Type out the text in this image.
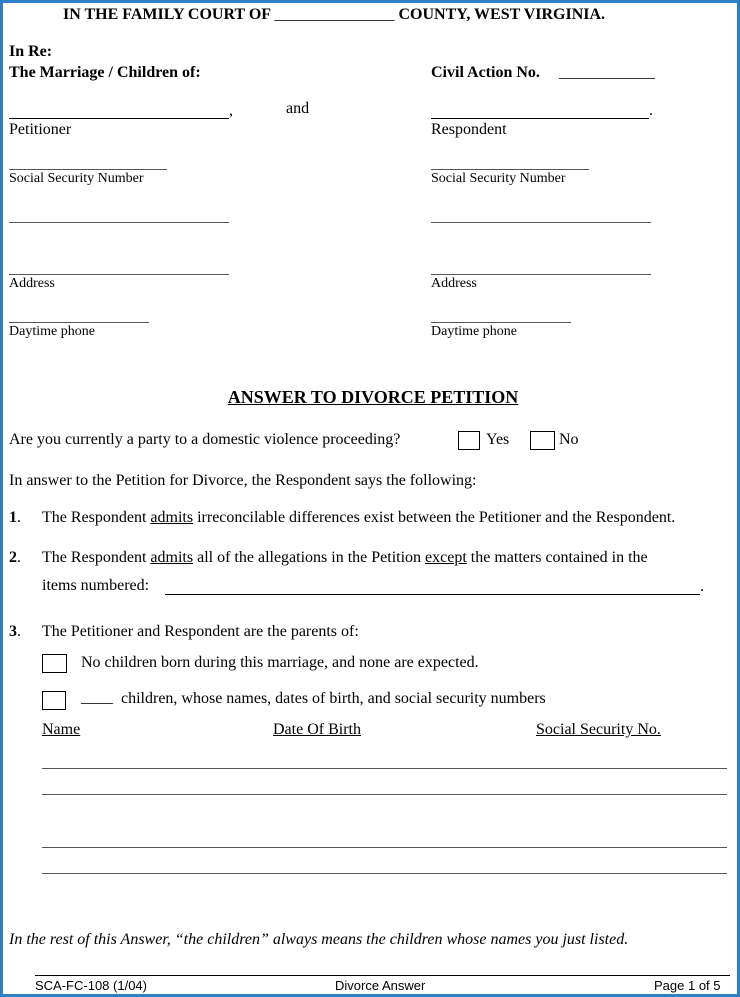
IN THE FAMILY COURT OF _______________ COUNTY, WEST VIRGINIA.
In Re:
The Marriage / Children of:	Civil Action No. ____________
,	and	.
Petitioner	Respondent
Social Security Number	Social Security Number
Address	Address
Daytime phone	Daytime phone
ANSWER TO DIVORCE PETITION
Are you currently a party to a domestic violence proceeding?	Yes	No
In answer to the Petition for Divorce, the Respondent says the following:
1. The Respondent admits irreconcilable differences exist between the Petitioner and the Respondent.
2. The Respondent admits all of the allegations in the Petition except the matters contained in the
items numbered:	.
3. The Petitioner and Respondent are the parents of:
No children born during this marriage, and none are expected.
____ children, whose names, dates of birth, and social security numbers
Name	Date Of Birth	Social Security No.
In the rest of this Answer, “the children” always means the children whose names you just listed.
SCA-FC-108 (1/04)	Divorce Answer	Page 1 of 5
